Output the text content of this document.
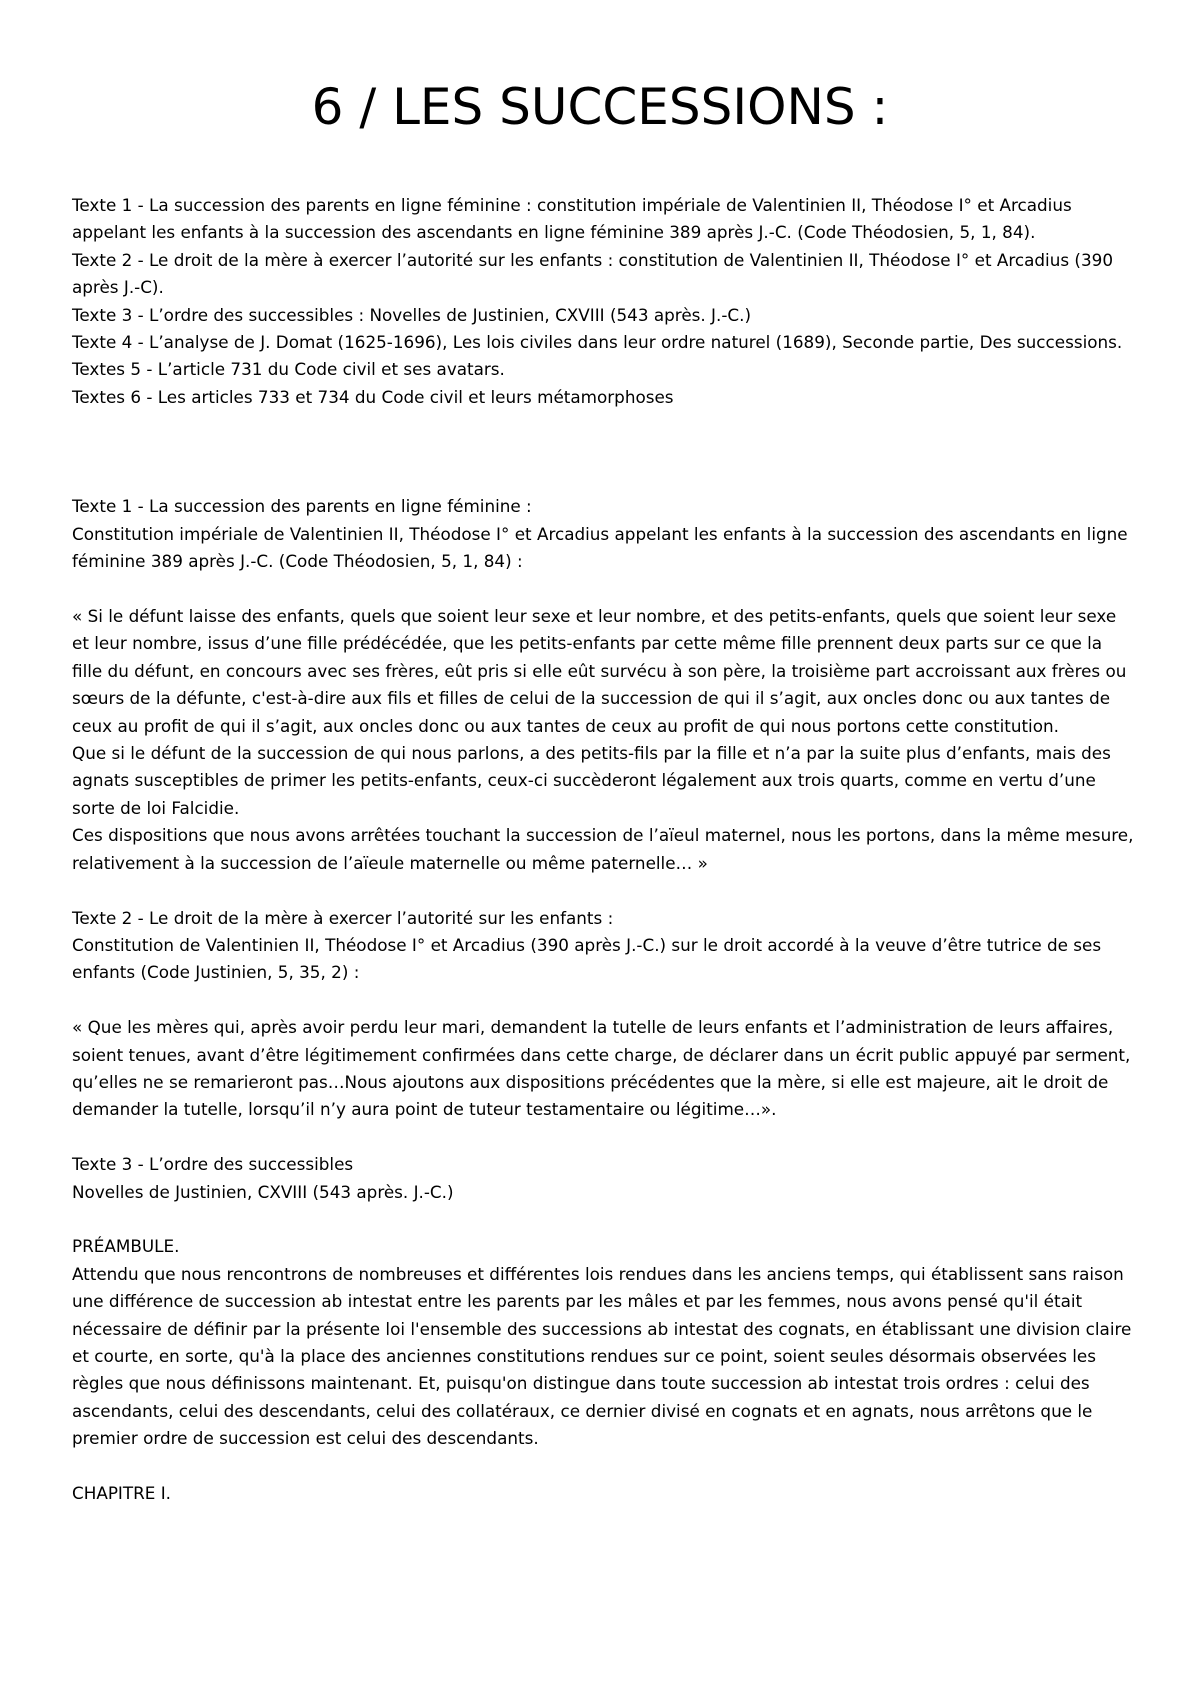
6 / LES SUCCESSIONS :

Texte 1 - La succession des parents en ligne féminine : constitution impériale de Valentinien II, Théodose I° et Arcadius appelant les enfants à la succession des ascendants en ligne féminine 389 après J.-C. (Code Théodosien, 5, 1, 84).

Texte 2 - Le droit de la mère à exercer l’autorité sur les enfants : constitution de Valentinien II, Théodose I° et Arcadius (390 après J.-C).

Texte 3 - L’ordre des successibles : Novelles de Justinien, CXVIII (543 après. J.-C.)

Texte 4 - L’analyse de J. Domat (1625-1696), Les lois civiles dans leur ordre naturel (1689), Seconde partie, Des successions.

Textes 5 - L’article 731 du Code civil et ses avatars.

Textes 6 - Les articles 733 et 734 du Code civil et leurs métamorphoses

Texte 1 - La succession des parents en ligne féminine :

Constitution impériale de Valentinien II, Théodose I° et Arcadius appelant les enfants à la succession des ascendants en ligne féminine 389 après J.-C. (Code Théodosien, 5, 1, 84) :

« Si le défunt laisse des enfants, quels que soient leur sexe et leur nombre, et des petits-enfants, quels que soient leur sexe et leur nombre, issus d’une fille prédécédée, que les petits-enfants par cette même fille prennent deux parts sur ce que la fille du défunt, en concours avec ses frères, eût pris si elle eût survécu à son père, la troisième part accroissant aux frères ou sœurs de la défunte, c'est-à-dire aux fils et filles de celui de la succession de qui il s’agit, aux oncles donc ou aux tantes de ceux au profit de qui il s’agit, aux oncles donc ou aux tantes de ceux au profit de qui nous portons cette constitution.

Que si le défunt de la succession de qui nous parlons, a des petits-fils par la fille et n’a par la suite plus d’enfants, mais des agnats susceptibles de primer les petits-enfants, ceux-ci succèderont légalement aux trois quarts, comme en vertu d’une sorte de loi Falcidie.

Ces dispositions que nous avons arrêtées touchant la succession de l’aïeul maternel, nous les portons, dans la même mesure, relativement à la succession de l’aïeule maternelle ou même paternelle… »

Texte 2 - Le droit de la mère à exercer l’autorité sur les enfants :

Constitution de Valentinien II, Théodose I° et Arcadius (390 après J.-C.) sur le droit accordé à la veuve d’être tutrice de ses enfants (Code Justinien, 5, 35, 2) :

« Que les mères qui, après avoir perdu leur mari, demandent la tutelle de leurs enfants et l’administration de leurs affaires, soient tenues, avant d’être légitimement confirmées dans cette charge, de déclarer dans un écrit public appuyé par serment, qu’elles ne se remarieront pas…Nous ajoutons aux dispositions précédentes que la mère, si elle est majeure, ait le droit de demander la tutelle, lorsqu’il n’y aura point de tuteur testamentaire ou légitime…».

Texte 3 - L’ordre des successibles

Novelles de Justinien, CXVIII (543 après. J.-C.)

PRÉAMBULE.

Attendu que nous rencontrons de nombreuses et différentes lois rendues dans les anciens temps, qui établissent sans raison une différence de succession ab intestat entre les parents par les mâles et par les femmes, nous avons pensé qu'il était nécessaire de définir par la présente loi l'ensemble des successions ab intestat des cognats, en établissant une division claire et courte, en sorte, qu'à la place des anciennes constitutions rendues sur ce point, soient seules désormais observées les règles que nous définissons maintenant. Et, puisqu'on distingue dans toute succession ab intestat trois ordres : celui des ascendants, celui des descendants, celui des collatéraux, ce dernier divisé en cognats et en agnats, nous arrêtons que le premier ordre de succession est celui des descendants.

CHAPITRE I.
